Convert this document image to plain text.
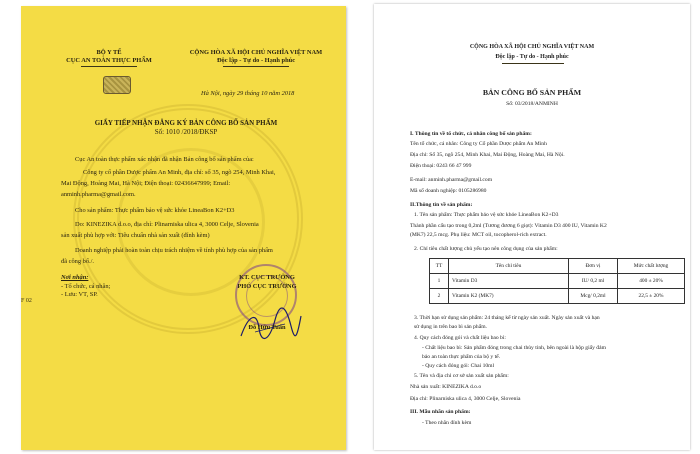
BỘ Y TẾ
CỤC AN TOÀN THỰC PHẨM
CỘNG HÒA XÃ HỘI CHỦ NGHĨA VIỆT NAM
Độc lập - Tự do - Hạnh phúc
Hà Nội, ngày 29 tháng 10 năm 2018
GIẤY TIẾP NHẬN ĐĂNG KÝ BẢN CÔNG BỐ SẢN PHẨM
Số: 1010 /2018/ĐKSP
Cục An toàn thực phẩm xác nhận đã nhận Bản công bố sản phẩm của:
Công ty cổ phần Dược phẩm An Minh, địa chỉ: số 35, ngõ 254, Minh Khai,
Mai Động, Hoàng Mai, Hà Nội; Điện thoại: 02436647999; Email:
anminh.pharma@gmail.com.
Cho sản phẩm: Thực phẩm bảo vệ sức khỏe LineaBon K2+D3
Do: KINEZIKA d.o.o, địa chỉ: Plinarniska ulica 4, 3000 Celje, Slovenia
sản xuất phù hợp với: Tiêu chuẩn nhà sản xuất (đính kèm)
Doanh nghiệp phải hoàn toàn chịu trách nhiệm về tính phù hợp của sản phẩm
đã công bố./.
Nơi nhận:
- Tổ chức, cá nhân;
- Lưu: VT, SP.
KT. CỤC TRƯỞNG
PHÓ CỤC TRƯỞNG
Đỗ Hữu Tuấn
F 02
CỘNG HÒA XÃ HỘI CHỦ NGHĨA VIỆT NAM
Độc lập - Tự do - Hạnh phúc
BẢN CÔNG BỐ SẢN PHẨM
Số: 03/2018/ANMINH
I. Thông tin về tổ chức, cá nhân công bố sản phẩm:
Tên tổ chức, cá nhân: Công ty Cổ phần Dược phẩm An Minh
Địa chỉ: Số 35, ngõ 254, Minh Khai, Mai Động, Hoàng Mai, Hà Nội.
Điện thoại: 0243 66 47 999
E-mail: anminh.pharma@gmail.com
Mã số doanh nghiệp: 0105286980
II.Thông tin về sản phẩm:
1. Tên sản phẩm: Thực phẩm bảo vệ sức khỏe LineaBon K2+D3
Thành phần cấu tạo trong 0,2ml (Tương đương 6 giọt): Vitamin D3 400 IU, Vitamin K2
(MK7) 22,5 mcg. Phụ liệu: MCT oil, tocopherol-rich extract.
2. Chỉ tiêu chất lượng chủ yếu tạo nên công dụng của sản phẩm:
TT	Tên chỉ tiêu	Đơn vị	Mức chất lượng
1	Vitamin D3	IU/ 0,2 ml	400 ± 20%
2	Vitamin K2 (MK7)	Mcg/ 0,2ml	22,5 ± 20%
3. Thời hạn sử dụng sản phẩm: 24 tháng kể từ ngày sản xuất. Ngày sản xuất và hạn
sử dụng in trên bao bì sản phẩm.
4. Quy cách đóng gói và chất liệu bao bì:
- Chất liệu bao bì: Sản phẩm đóng trong chai thủy tinh, bên ngoài là hộp giấy đảm
bảo an toàn thực phẩm của bộ y tế.
- Quy cách đóng gói: Chai 10ml
5. Tên và địa chỉ cơ sở sản xuất sản phẩm:
Nhà sản xuất: KINEZIKA d.o.o
Địa chỉ: Plinarniska ulica 4, 3000 Celje, Slovenia
III. Mẫu nhãn sản phẩm:
- Theo nhãn đính kèm
